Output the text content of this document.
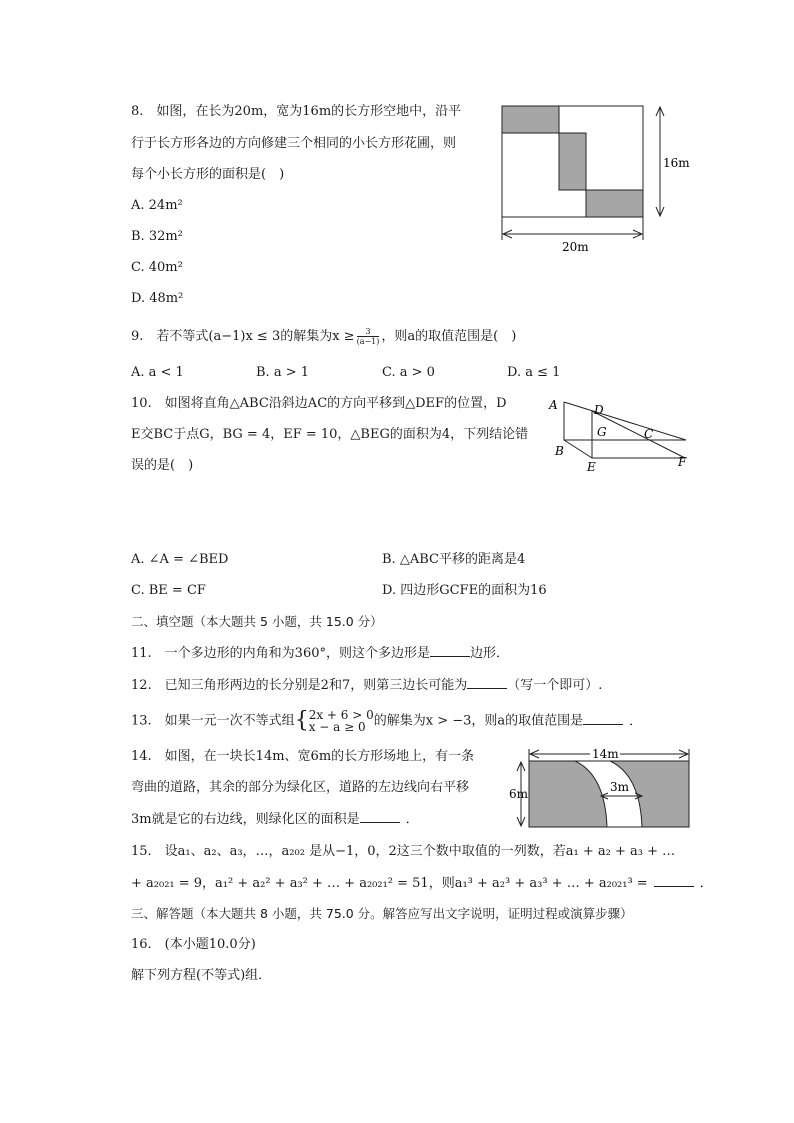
8.　如图，在长为20m，宽为16m的长方形空地中，沿平
行于长方形各边的方向修建三个相同的小长方形花圃，则
每个小长方形的面积是(　)
A. 24m²
B. 32m²
C. 40m²
D. 48m²
16m
20m
9.　若不等式(a−1)x ≤ 3的解集为$x \ge \frac{3}{(a-1)}$ ，则a的取值范围是(　)
A. a < 1	B. a > 1	C. a > 0	D. a ≤ 1
10.　如图将直角△ABC沿斜边AC的方向平移到△DEF的位置，D
E交BC于点G，BG = 4，EF = 10，△BEG的面积为4，下列结论错
误的是(　)
A	D
G	C
B
E	F
A. ∠A = ∠BED	B. △ABC平移的距离是4
C. BE = CF	D. 四边形GCFE的面积为16
二、填空题（本大题共 5 小题，共 15.0 分）
11.　一个多边形的内角和为360°，则这个多边形是	边形．
12.　已知三角形两边的长分别是2和7，则第三边长可能为	（写一个即可）.
13.　如果一元一次不等式组{ 2x + 6 > 0
x − a ≥ 0 的解集为x > −3，则a的取值范围是	．
14.　如图，在一块长14m、宽6m的长方形场地上，有一条
弯曲的道路，其余的部分为绿化区，道路的左边线向右平移
3m就是它的右边线，则绿化区的面积是	．
14m
6m	3m
15.　设a₁、a₂、a₃，…，a₂₀₂ 是从−1，0，2这三个数中取值的一列数，若a₁ + a₂ + a₃ + …
+ a₂₀₂₁ = 9，a₁² + a₂² + a₃² + … + a₂₀₂₁² = 51，则a₁³ + a₂³ + a₃³ + … + a₂₀₂₁³ =	．
三、解答题（本大题共 8 小题，共 75.0 分。解答应写出文字说明，证明过程或演算步骤）
16.　(本小题10.0分)
解下列方程(不等式)组．
